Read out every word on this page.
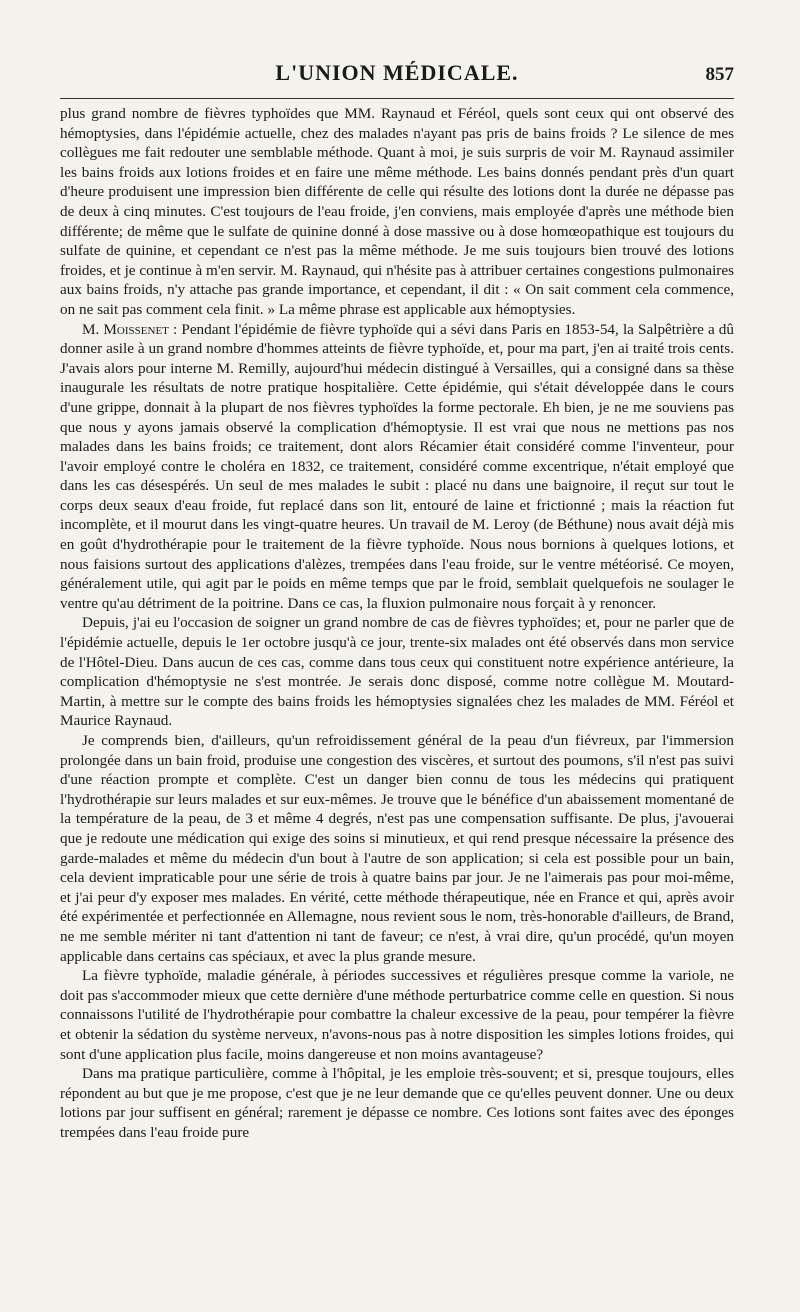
L'UNION MÉDICALE.	857

plus grand nombre de fièvres typhoïdes que MM. Raynaud et Féréol, quels sont ceux qui ont observé des hémoptysies, dans l'épidémie actuelle, chez des malades n'ayant pas pris de bains froids ? Le silence de mes collègues me fait redouter une semblable méthode. Quant à moi, je suis surpris de voir M. Raynaud assimiler les bains froids aux lotions froides et en faire une même méthode. Les bains donnés pendant près d'un quart d'heure produisent une impression bien différente de celle qui résulte des lotions dont la durée ne dépasse pas de deux à cinq minutes. C'est toujours de l'eau froide, j'en conviens, mais employée d'après une méthode bien différente; de même que le sulfate de quinine donné à dose massive ou à dose homœopathique est toujours du sulfate de quinine, et cependant ce n'est pas la même méthode. Je me suis toujours bien trouvé des lotions froides, et je continue à m'en servir. M. Raynaud, qui n'hésite pas à attribuer certaines congestions pulmonaires aux bains froids, n'y attache pas grande importance, et cependant, il dit : « On sait comment cela commence, on ne sait pas comment cela finit. » La même phrase est applicable aux hémoptysies.

M. Moissenet : Pendant l'épidémie de fièvre typhoïde qui a sévi dans Paris en 1853-54, la Salpêtrière a dû donner asile à un grand nombre d'hommes atteints de fièvre typhoïde, et, pour ma part, j'en ai traité trois cents. J'avais alors pour interne M. Remilly, aujourd'hui médecin distingué à Versailles, qui a consigné dans sa thèse inaugurale les résultats de notre pratique hospitalière. Cette épidémie, qui s'était développée dans le cours d'une grippe, donnait à la plupart de nos fièvres typhoïdes la forme pectorale. Eh bien, je ne me souviens pas que nous y ayons jamais observé la complication d'hémoptysie. Il est vrai que nous ne mettions pas nos malades dans les bains froids; ce traitement, dont alors Récamier était considéré comme l'inventeur, pour l'avoir employé contre le choléra en 1832, ce traitement, considéré comme excentrique, n'était employé que dans les cas désespérés. Un seul de mes malades le subit : placé nu dans une baignoire, il reçut sur tout le corps deux seaux d'eau froide, fut replacé dans son lit, entouré de laine et frictionné ; mais la réaction fut incomplète, et il mourut dans les vingt-quatre heures. Un travail de M. Leroy (de Béthune) nous avait déjà mis en goût d'hydrothérapie pour le traitement de la fièvre typhoïde. Nous nous bornions à quelques lotions, et nous faisions surtout des applications d'alèzes, trempées dans l'eau froide, sur le ventre météorisé. Ce moyen, généralement utile, qui agit par le poids en même temps que par le froid, semblait quelquefois ne soulager le ventre qu'au détriment de la poitrine. Dans ce cas, la fluxion pulmonaire nous forçait à y renoncer.

Depuis, j'ai eu l'occasion de soigner un grand nombre de cas de fièvres typhoïdes; et, pour ne parler que de l'épidémie actuelle, depuis le 1er octobre jusqu'à ce jour, trente-six malades ont été observés dans mon service de l'Hôtel-Dieu. Dans aucun de ces cas, comme dans tous ceux qui constituent notre expérience antérieure, la complication d'hémoptysie ne s'est montrée. Je serais donc disposé, comme notre collègue M. Moutard-Martin, à mettre sur le compte des bains froids les hémoptysies signalées chez les malades de MM. Féréol et Maurice Raynaud.

Je comprends bien, d'ailleurs, qu'un refroidissement général de la peau d'un fiévreux, par l'immersion prolongée dans un bain froid, produise une congestion des viscères, et surtout des poumons, s'il n'est pas suivi d'une réaction prompte et complète. C'est un danger bien connu de tous les médecins qui pratiquent l'hydrothérapie sur leurs malades et sur eux-mêmes. Je trouve que le bénéfice d'un abaissement momentané de la température de la peau, de 3 et même 4 degrés, n'est pas une compensation suffisante. De plus, j'avouerai que je redoute une médication qui exige des soins si minutieux, et qui rend presque nécessaire la présence des garde-malades et même du médecin d'un bout à l'autre de son application; si cela est possible pour un bain, cela devient impraticable pour une série de trois à quatre bains par jour. Je ne l'aimerais pas pour moi-même, et j'ai peur d'y exposer mes malades. En vérité, cette méthode thérapeutique, née en France et qui, après avoir été expérimentée et perfectionnée en Allemagne, nous revient sous le nom, très-honorable d'ailleurs, de Brand, ne me semble mériter ni tant d'attention ni tant de faveur; ce n'est, à vrai dire, qu'un procédé, qu'un moyen applicable dans certains cas spéciaux, et avec la plus grande mesure.

La fièvre typhoïde, maladie générale, à périodes successives et régulières presque comme la variole, ne doit pas s'accommoder mieux que cette dernière d'une méthode perturbatrice comme celle en question. Si nous connaissons l'utilité de l'hydrothérapie pour combattre la chaleur excessive de la peau, pour tempérer la fièvre et obtenir la sédation du système nerveux, n'avons-nous pas à notre disposition les simples lotions froides, qui sont d'une application plus facile, moins dangereuse et non moins avantageuse?

Dans ma pratique particulière, comme à l'hôpital, je les emploie très-souvent; et si, presque toujours, elles répondent au but que je me propose, c'est que je ne leur demande que ce qu'elles peuvent donner. Une ou deux lotions par jour suffisent en général; rarement je dépasse ce nombre. Ces lotions sont faites avec des éponges trempées dans l'eau froide pure
